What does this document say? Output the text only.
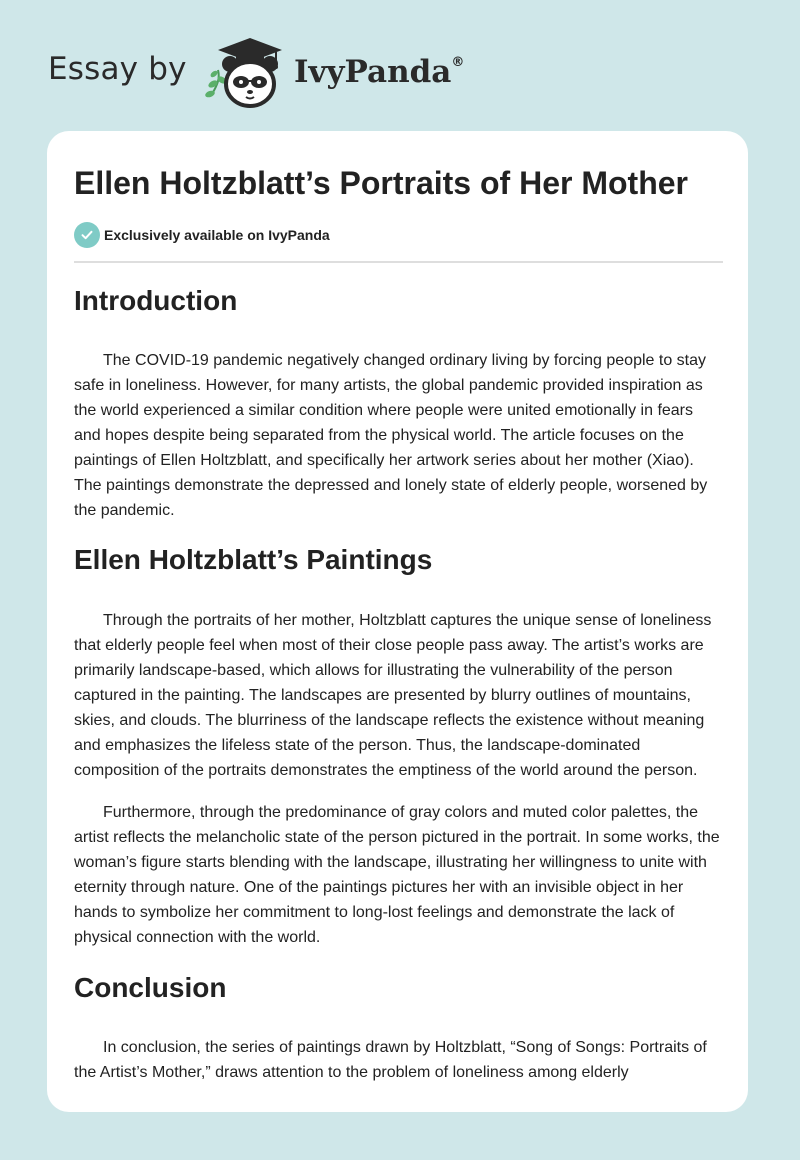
Essay by	IvyPanda®
Ellen Holtzblatt’s Portraits of Her Mother
Exclusively available on IvyPanda
Introduction

The COVID-19 pandemic negatively changed ordinary living by forcing people to stay safe in loneliness. However, for many artists, the global pandemic provided inspiration as the world experienced a similar condition where people were united emotionally in fears and hopes despite being separated from the physical world. The article focuses on the paintings of Ellen Holtzblatt, and specifically her artwork series about her mother (Xiao). The paintings demonstrate the depressed and lonely state of elderly people, worsened by the pandemic.

Ellen Holtzblatt’s Paintings

Through the portraits of her mother, Holtzblatt captures the unique sense of loneliness that elderly people feel when most of their close people pass away. The artist’s works are primarily landscape-based, which allows for illustrating the vulnerability of the person captured in the painting. The landscapes are presented by blurry outlines of mountains, skies, and clouds. The blurriness of the landscape reflects the existence without meaning and emphasizes the lifeless state of the person. Thus, the landscape-dominated composition of the portraits demonstrates the emptiness of the world around the person.

Furthermore, through the predominance of gray colors and muted color palettes, the artist reflects the melancholic state of the person pictured in the portrait. In some works, the woman’s figure starts blending with the landscape, illustrating her willingness to unite with eternity through nature. One of the paintings pictures her with an invisible object in her hands to symbolize her commitment to long-lost feelings and demonstrate the lack of physical connection with the world.

Conclusion

In conclusion, the series of paintings drawn by Holtzblatt, “Song of Songs: Portraits of the Artist’s Mother,” draws attention to the problem of loneliness among elderly
